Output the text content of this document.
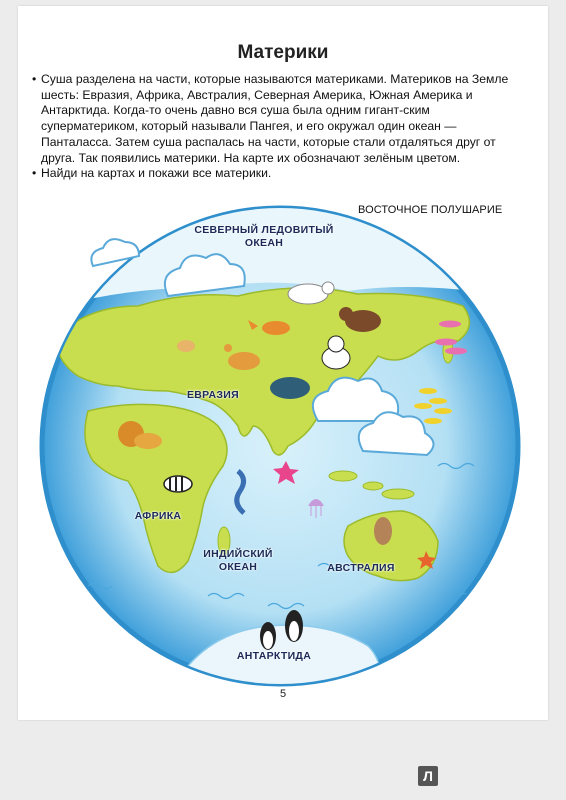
Материки

• Суша разделена на части, которые называются материками. Материков на Земле шесть: Евразия, Африка, Австралия, Северная Америка, Южная Америка и Антарктида. Когда-то очень давно вся суша была одним гигант-ским суперматериком, который называли Пангея, и его окружал один океан — Панталасса. Затем суша распалась на части, которые стали отдаляться друг от друга. Так появились материки. На карте их обозначают зелёным цветом.

• Найди на картах и покажи все материки.

ВОСТОЧНОЕ ПОЛУШАРИЕ
СЕВЕРНЫЙ ЛЕДОВИТЫЙ
ОКЕАН
ЕВРАЗИЯ
АФРИКА
ИНДИЙСКИЙ
ОКЕАН	АВСТРАЛИЯ
АНТАРКТИДА
5
Л
